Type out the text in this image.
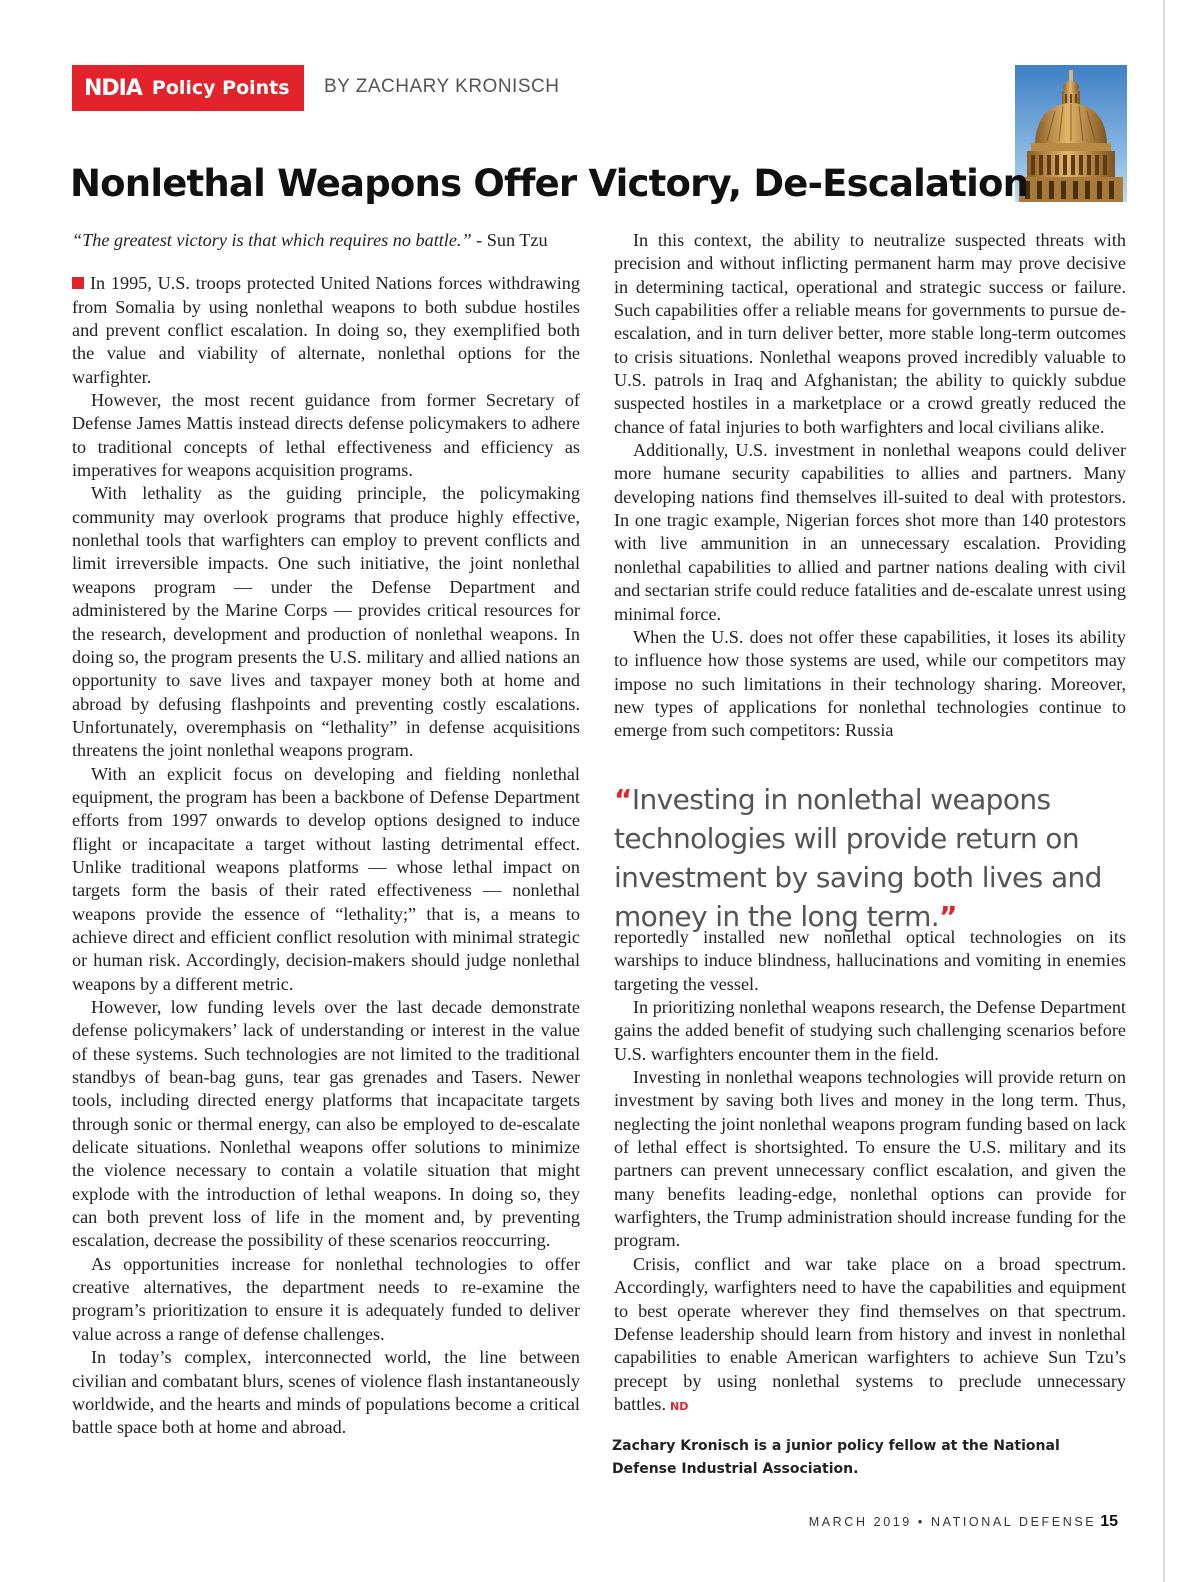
NDIA Policy Points BY ZACHARY KRONISCH
Nonlethal Weapons Offer Victory, De-Escalation

“The greatest victory is that which requires no battle.” - Sun Tzu

In 1995, U.S. troops protected United Nations forces withdrawing from Somalia by using nonlethal weapons to both subdue hostiles and prevent conflict escalation. In doing so, they exemplified both the value and viability of alternate, nonlethal options for the warfighter.

However, the most recent guidance from former Secretary of Defense James Mattis instead directs defense policymakers to adhere to traditional concepts of lethal effectiveness and efficiency as imperatives for weapons acquisition programs.

With lethality as the guiding principle, the policymaking community may overlook programs that produce highly effective, nonlethal tools that warfighters can employ to prevent conflicts and limit irreversible impacts. One such initiative, the joint nonlethal weapons program — under the Defense Department and administered by the Marine Corps — provides critical resources for the research, development and production of nonlethal weapons. In doing so, the program presents the U.S. military and allied nations an opportunity to save lives and taxpayer money both at home and abroad by defusing flashpoints and preventing costly escalations. Unfortunately, overemphasis on “lethality” in defense acquisitions threatens the joint nonlethal weapons program.

With an explicit focus on developing and fielding nonlethal equipment, the program has been a backbone of Defense Department efforts from 1997 onwards to develop options designed to induce flight or incapacitate a target without lasting detrimental effect. Unlike traditional weapons platforms — whose lethal impact on targets form the basis of their rated effectiveness — nonlethal weapons provide the essence of “lethality;” that is, a means to achieve direct and efficient conflict resolution with minimal strategic or human risk. Accordingly, decision-makers should judge nonlethal weapons by a different metric.

However, low funding levels over the last decade demonstrate defense policymakers’ lack of understanding or interest in the value of these systems. Such technologies are not limited to the traditional standbys of bean-bag guns, tear gas grenades and Tasers. Newer tools, including directed energy platforms that incapacitate targets through sonic or thermal energy, can also be employed to de-escalate delicate situations. Nonlethal weapons offer solutions to minimize the violence necessary to contain a volatile situation that might explode with the introduction of lethal weapons. In doing so, they can both prevent loss of life in the moment and, by preventing escalation, decrease the possibility of these scenarios reoccurring.

As opportunities increase for nonlethal technologies to offer creative alternatives, the department needs to re-examine the program’s prioritization to ensure it is adequately funded to deliver value across a range of defense challenges.

In today’s complex, interconnected world, the line between civilian and combatant blurs, scenes of violence flash instantaneously worldwide, and the hearts and minds of populations become a critical battle space both at home and abroad.

In this context, the ability to neutralize suspected threats with precision and without inflicting permanent harm may prove decisive in determining tactical, operational and strategic success or failure. Such capabilities offer a reliable means for governments to pursue de-escalation, and in turn deliver better, more stable long-term outcomes to crisis situations. Nonlethal weapons proved incredibly valuable to U.S. patrols in Iraq and Afghanistan; the ability to quickly subdue suspected hostiles in a marketplace or a crowd greatly reduced the chance of fatal injuries to both warfighters and local civilians alike.

Additionally, U.S. investment in nonlethal weapons could deliver more humane security capabilities to allies and partners. Many developing nations find themselves ill-suited to deal with protestors. In one tragic example, Nigerian forces shot more than 140 protestors with live ammunition in an unnecessary escalation. Providing nonlethal capabilities to allied and partner nations dealing with civil and sectarian strife could reduce fatalities and de-escalate unrest using minimal force.

When the U.S. does not offer these capabilities, it loses its ability to influence how those systems are used, while our competitors may impose no such limitations in their technology sharing. Moreover, new types of applications for nonlethal technologies continue to emerge from such competitors: Russia

“Investing in nonlethal weapons technologies will provide return on investment by saving both lives and money in the long term.”

reportedly installed new nonlethal optical technologies on its warships to induce blindness, hallucinations and vomiting in enemies targeting the vessel.

In prioritizing nonlethal weapons research, the Defense Department gains the added benefit of studying such challenging scenarios before U.S. warfighters encounter them in the field.

Investing in nonlethal weapons technologies will provide return on investment by saving both lives and money in the long term. Thus, neglecting the joint nonlethal weapons program funding based on lack of lethal effect is shortsighted. To ensure the U.S. military and its partners can prevent unnecessary conflict escalation, and given the many benefits leading-edge, nonlethal options can provide for warfighters, the Trump administration should increase funding for the program.

Crisis, conflict and war take place on a broad spectrum. Accordingly, warfighters need to have the capabilities and equipment to best operate wherever they find themselves on that spectrum. Defense leadership should learn from history and invest in nonlethal capabilities to enable American warfighters to achieve Sun Tzu’s precept by using nonlethal systems to preclude unnecessary battles. ND

Zachary Kronisch is a junior policy fellow at the National Defense Industrial Association.
MARCH 2019 • NATIONAL DEFENSE 15
